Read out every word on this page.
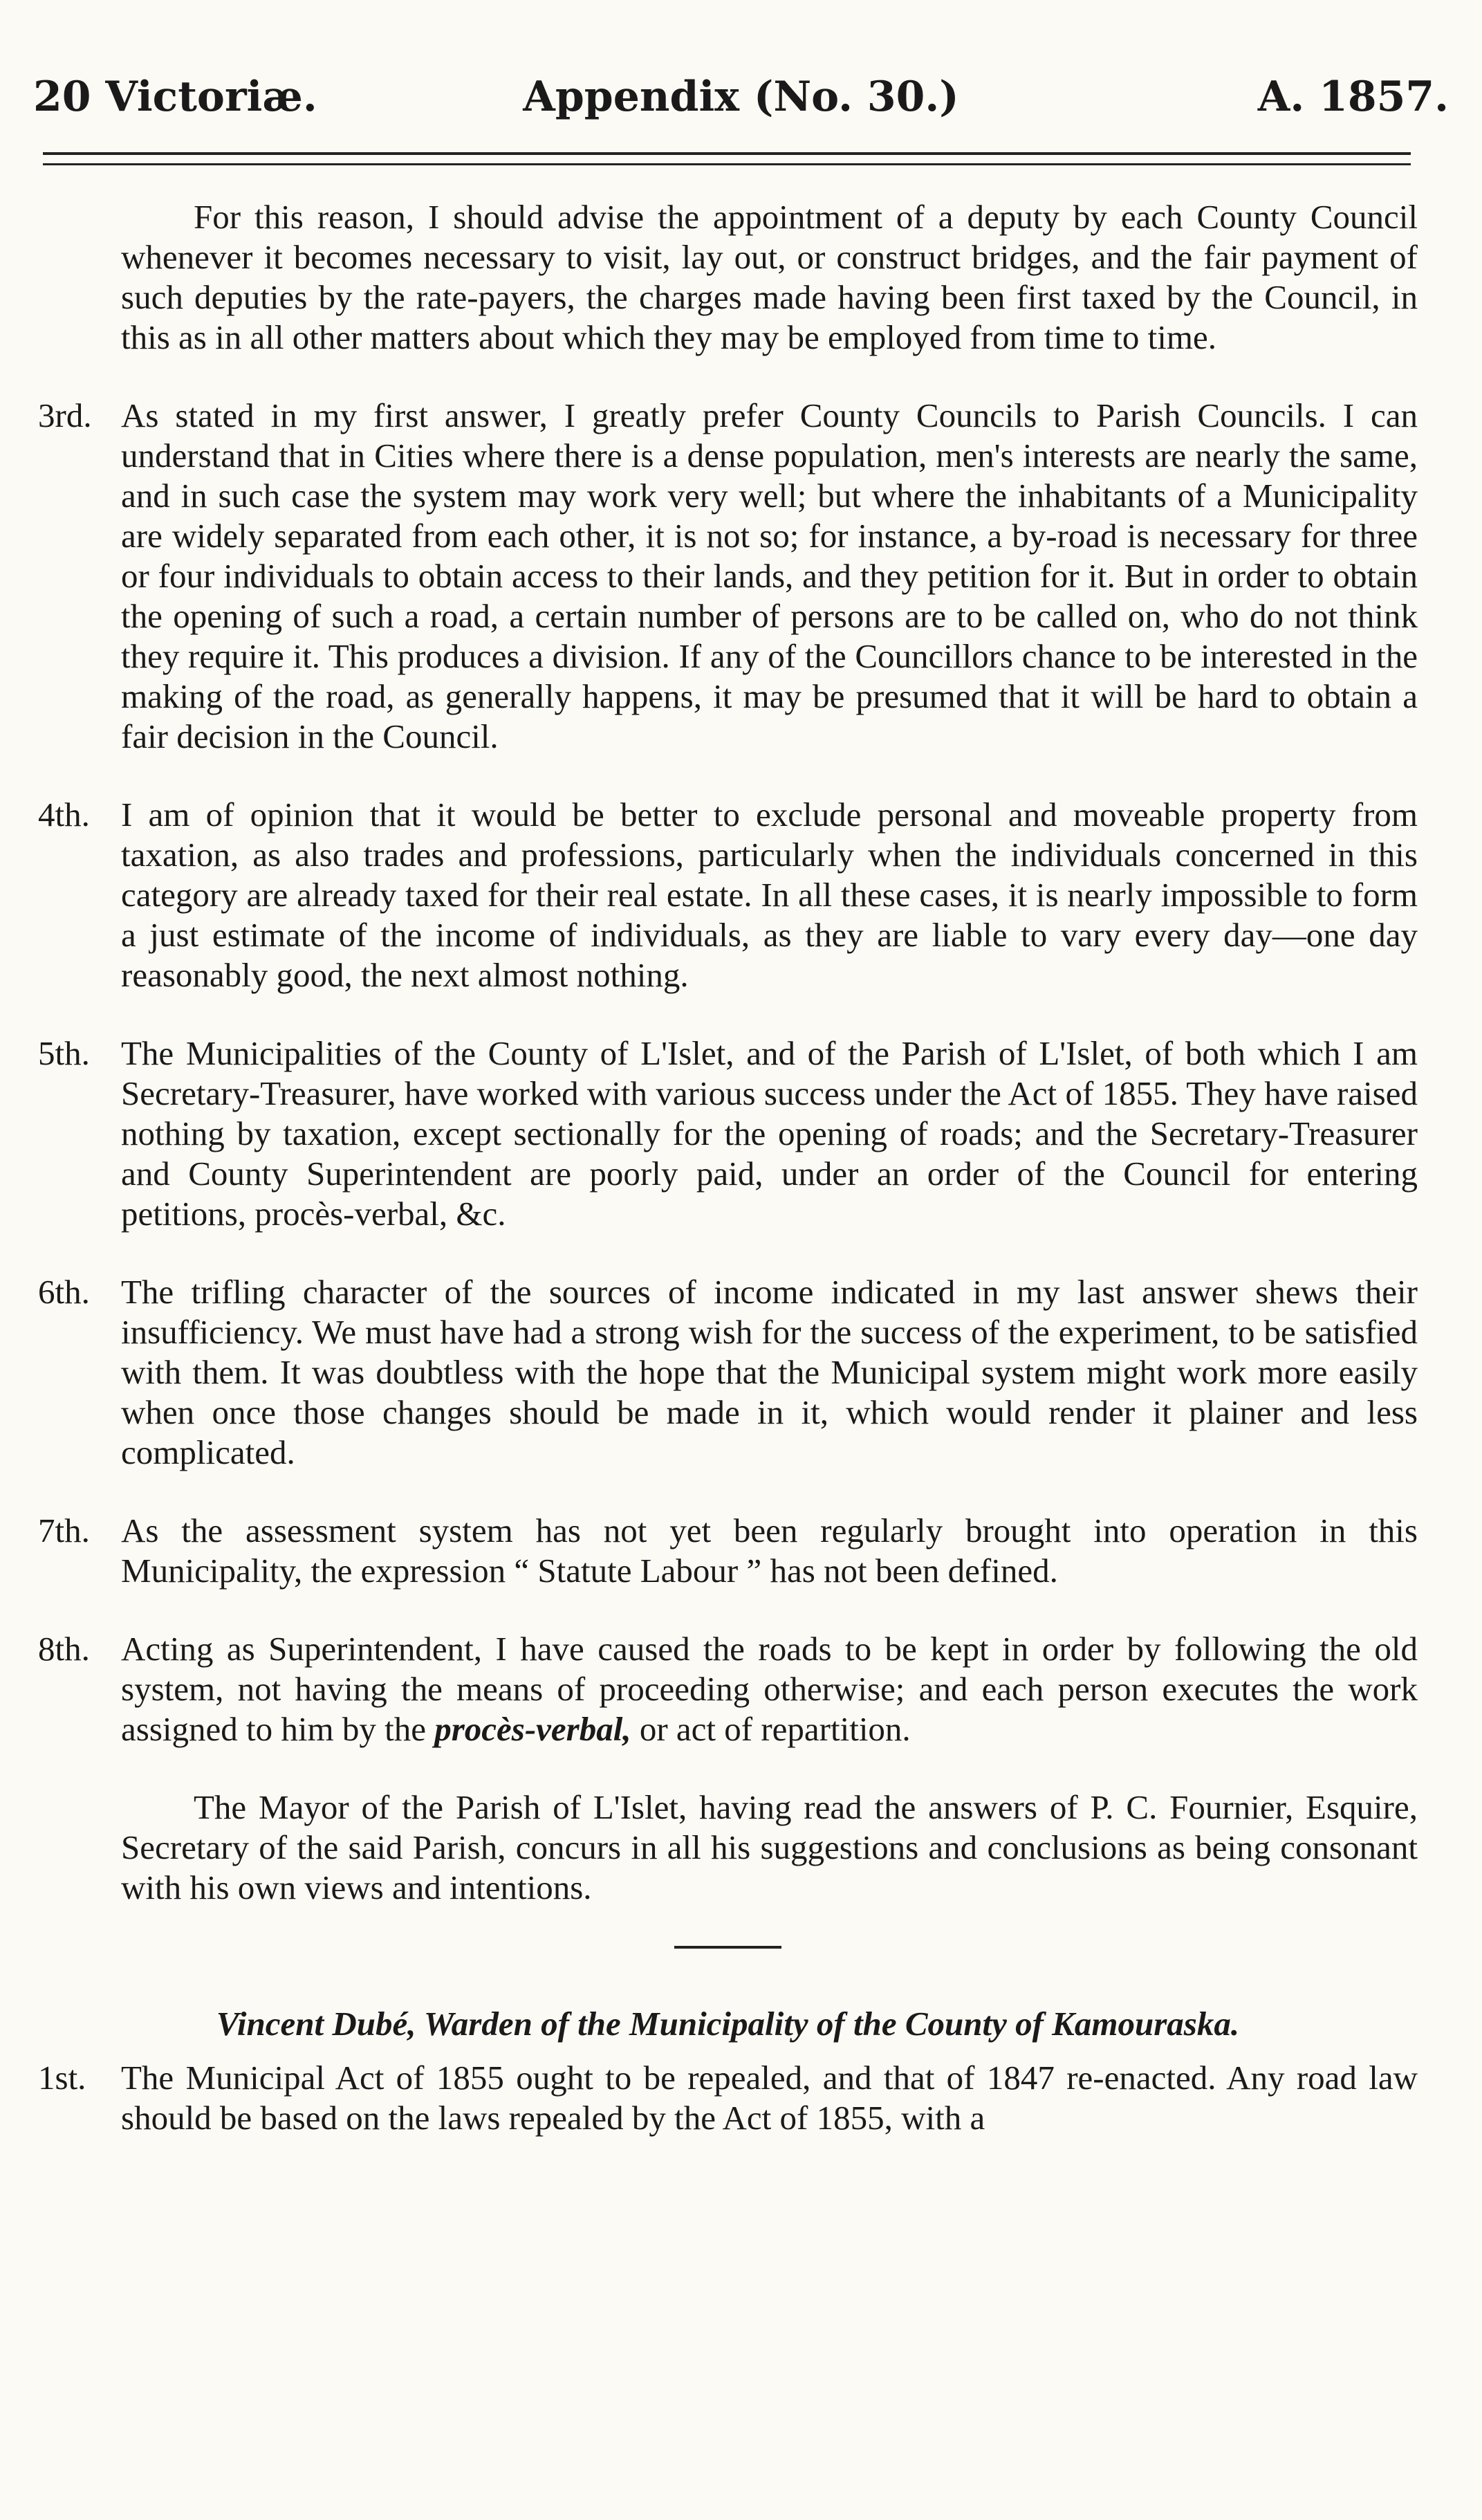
20 Victoriæ.	Appendix (No. 30.)	A. 1857.
For this reason, I should advise the appointment of a deputy by each County Council whenever it becomes necessary to visit, lay out, or construct bridges, and the fair payment of such deputies by the rate-payers, the charges made having been first taxed by the Council, in this as in all other matters about which they may be employed from time to time.
3rd. As stated in my first answer, I greatly prefer County Councils to Parish Councils. I can understand that in Cities where there is a dense population, men's interests are nearly the same, and in such case the system may work very well; but where the inhabitants of a Municipality are widely separated from each other, it is not so; for instance, a by-road is necessary for three or four individuals to obtain access to their lands, and they petition for it. But in order to obtain the opening of such a road, a certain number of persons are to be called on, who do not think they require it. This produces a division. If any of the Councillors chance to be interested in the making of the road, as generally happens, it may be presumed that it will be hard to obtain a fair decision in the Council.
4th. I am of opinion that it would be better to exclude personal and moveable property from taxation, as also trades and professions, particularly when the individuals concerned in this category are already taxed for their real estate. In all these cases, it is nearly impossible to form a just estimate of the income of individuals, as they are liable to vary every day—one day reasonably good, the next almost nothing.
5th. The Municipalities of the County of L'Islet, and of the Parish of L'Islet, of both which I am Secretary-Treasurer, have worked with various success under the Act of 1855. They have raised nothing by taxation, except sectionally for the opening of roads; and the Secretary-Treasurer and County Superintendent are poorly paid, under an order of the Council for entering petitions, procès-verbal, &c.
6th. The trifling character of the sources of income indicated in my last answer shews their insufficiency. We must have had a strong wish for the success of the experiment, to be satisfied with them. It was doubtless with the hope that the Municipal system might work more easily when once those changes should be made in it, which would render it plainer and less complicated.
7th. As the assessment system has not yet been regularly brought into operation in this Municipality, the expression “ Statute Labour ” has not been defined.
8th. Acting as Superintendent, I have caused the roads to be kept in order by following the old system, not having the means of proceeding otherwise; and each person executes the work assigned to him by the procès-verbal, or act of repartition.
The Mayor of the Parish of L'Islet, having read the answers of P. C. Fournier, Esquire, Secretary of the said Parish, concurs in all his suggestions and conclusions as being consonant with his own views and intentions.
Vincent Dubé, Warden of the Municipality of the County of Kamouraska.
1st.	The Municipal Act of 1855 ought to be repealed, and that of 1847 re-enacted. Any road law should be based on the laws repealed by the Act of 1855, with a
